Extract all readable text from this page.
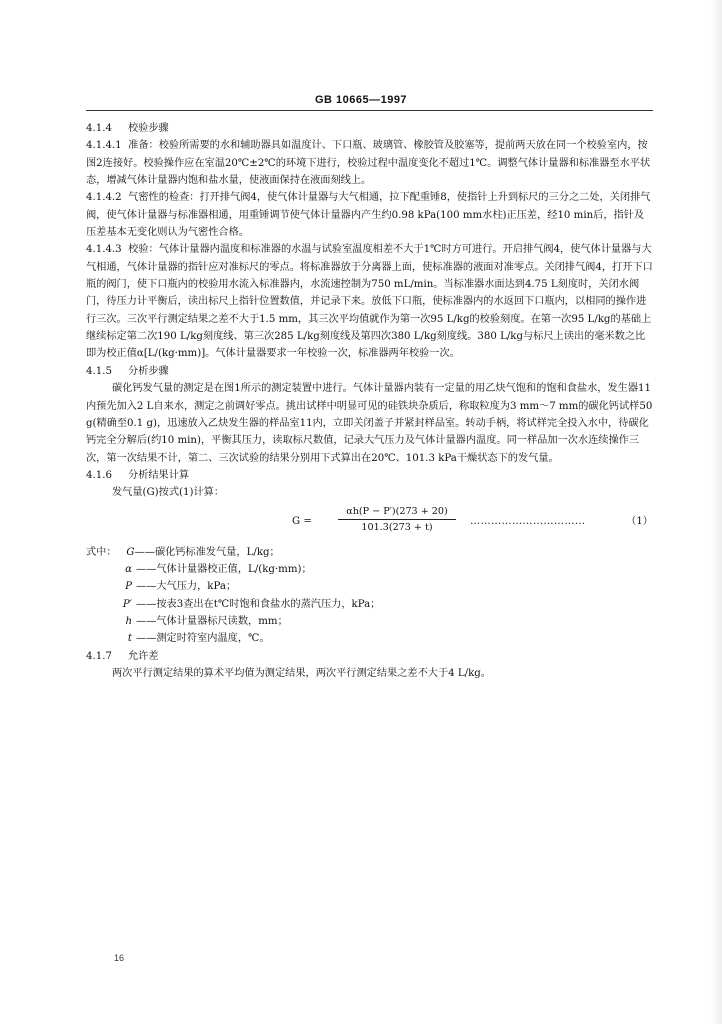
GB 10665—1997

4.1.4 校验步骤

4.1.4.1 准备：校验所需要的水和辅助器具如温度计、下口瓶、玻璃管、橡胶管及胶塞等，提前两天放在同一个校验室内，按图2连接好。校验操作应在室温20℃±2℃的环境下进行，校验过程中温度变化不超过1℃。调整气体计量器和标准器至水平状态，增减气体计量器内饱和盐水量，使液面保持在液面刻线上。

4.1.4.2 气密性的检查：打开排气阀4，使气体计量器与大气相通，拉下配重锤8，使指针上升到标尺的三分之二处，关闭排气阀，使气体计量器与标准器相通，用重锤调节使气体计量器内产生约0.98 kPa(100 mm水柱)正压差，经10 min后，指针及压差基本无变化则认为气密性合格。

4.1.4.3 校验：气体计量器内温度和标准器的水温与试验室温度相差不大于1℃时方可进行。开启排气阀4，使气体计量器与大气相通，气体计量器的指针应对准标尺的零点。将标准器放于分离器上面，使标准器的液面对准零点。关闭排气阀4，打开下口瓶的阀门，使下口瓶内的校验用水流入标准器内，水流速控制为750 mL/min。当标准器水面达到4.75 L刻度时，关闭水阀门，待压力计平衡后，读出标尺上指针位置数值，并记录下来。放低下口瓶，使标准器内的水返回下口瓶内，以相同的操作进行三次。三次平行测定结果之差不大于1.5 mm，其三次平均值就作为第一次95 L/kg的校验刻度。在第一次95 L/kg的基础上继续标定第二次190 L/kg刻度线、第三次285 L/kg刻度线及第四次380 L/kg刻度线。380 L/kg与标尺上读出的毫米数之比即为校正值α[L/(kg·mm)]。气体计量器要求一年校验一次，标准器两年校验一次。

4.1.5 分析步骤

碳化钙发气量的测定是在图1所示的测定装置中进行。气体计量器内装有一定量的用乙炔气饱和的饱和食盐水，发生器11内预先加入2 L自来水，测定之前调好零点。挑出试样中明显可见的硅铁块杂质后，称取粒度为3 mm～7 mm的碳化钙试样50 g(精确至0.1 g)，迅速放入乙炔发生器的样品室11内，立即关闭盖子并紧封样品室。转动手柄，将试样完全投入水中，待碳化钙完全分解后(约10 min)，平衡其压力，读取标尺数值，记录大气压力及气体计量器内温度。同一样品加一次水连续操作三次，第一次结果不计，第二、三次试验的结果分别用下式算出在20℃、101.3 kPa干燥状态下的发气量。

4.1.6 分析结果计算

发气量(G)按式(1)计算：

G =	$\frac{\alpha h(P - P')(273 + 20)}{101.3(273 + t)}$ ……………………………	（1）

式中： G——碳化钙标准发气量，L/kg；

α ——气体计量器校正值，L/(kg·mm)；

P ——大气压力，kPa；

P′ ——按表3查出在t℃时饱和食盐水的蒸汽压力，kPa；

h ——气体计量器标尺读数，mm；

t ——测定时符室内温度，℃。

4.1.7 允许差

两次平行测定结果的算术平均值为测定结果，两次平行测定结果之差不大于4 L/kg。

16
